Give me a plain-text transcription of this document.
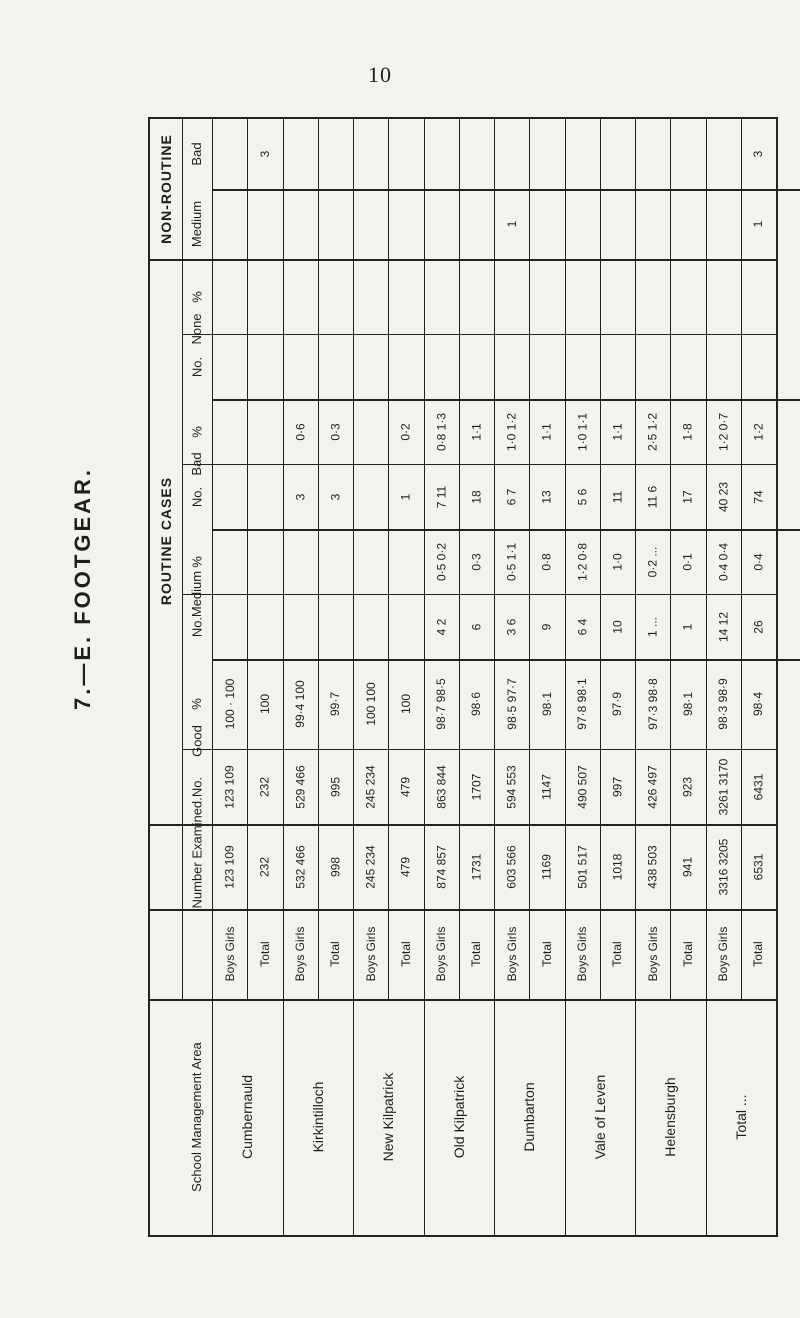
10
7.—E. FOOTGEAR.
NON-ROUTINE
ROUTINE CASES
Bad
Medium
None
Bad
Medium
Good
Number Examined.
School Management Area
%
No.
%
No.
%
No.
%
No.
100 · 100
123 109
123 109
Boys Girls
Cumbernauld
3
100
232
232
Total
0·6
3
99·4 100
529 466
532 466
Boys Girls
Kirkintilloch
0·3
3
99·7
995
998
Total
100 100
245 234
245 234
Boys Girls
New Kilpatrick
0·2
1
100
479
479
Total
0·8 1·3
7 11
0·5 0·2
4 2
98·7 98·5
863 844
874 857
Boys Girls
Old Kilpatrick
1·1
18
0·3
6
98·6
1707
1731
Total
1
1·0 1·2
6 7
0·5 1·1
3 6
98·5 97·7
594 553
603 566
Boys Girls
Dumbarton
1·1
13
0·8
9
98·1
1147
1169
Total
1·0 1·1
5 6
1·2 0·8
6 4
97·8 98·1
490 507
501 517
Boys Girls
Vale of Leven
1·1
11
1·0
10
97·9
997
1018
Total
2·5 1·2
11 6
0·2 ...
1 ...
97·3 98·8
426 497
438 503
Boys Girls
Helensburgh
1·8
17
0·1
1
98·1
923
941
Total
1·2 0·7
40 23
0·4 0·4
14 12
98·3 98·9
3261 3170
3316 3205
Boys Girls
Total ...
3
1
1·2
74
0·4
26
98·4
6431
6531
Total
